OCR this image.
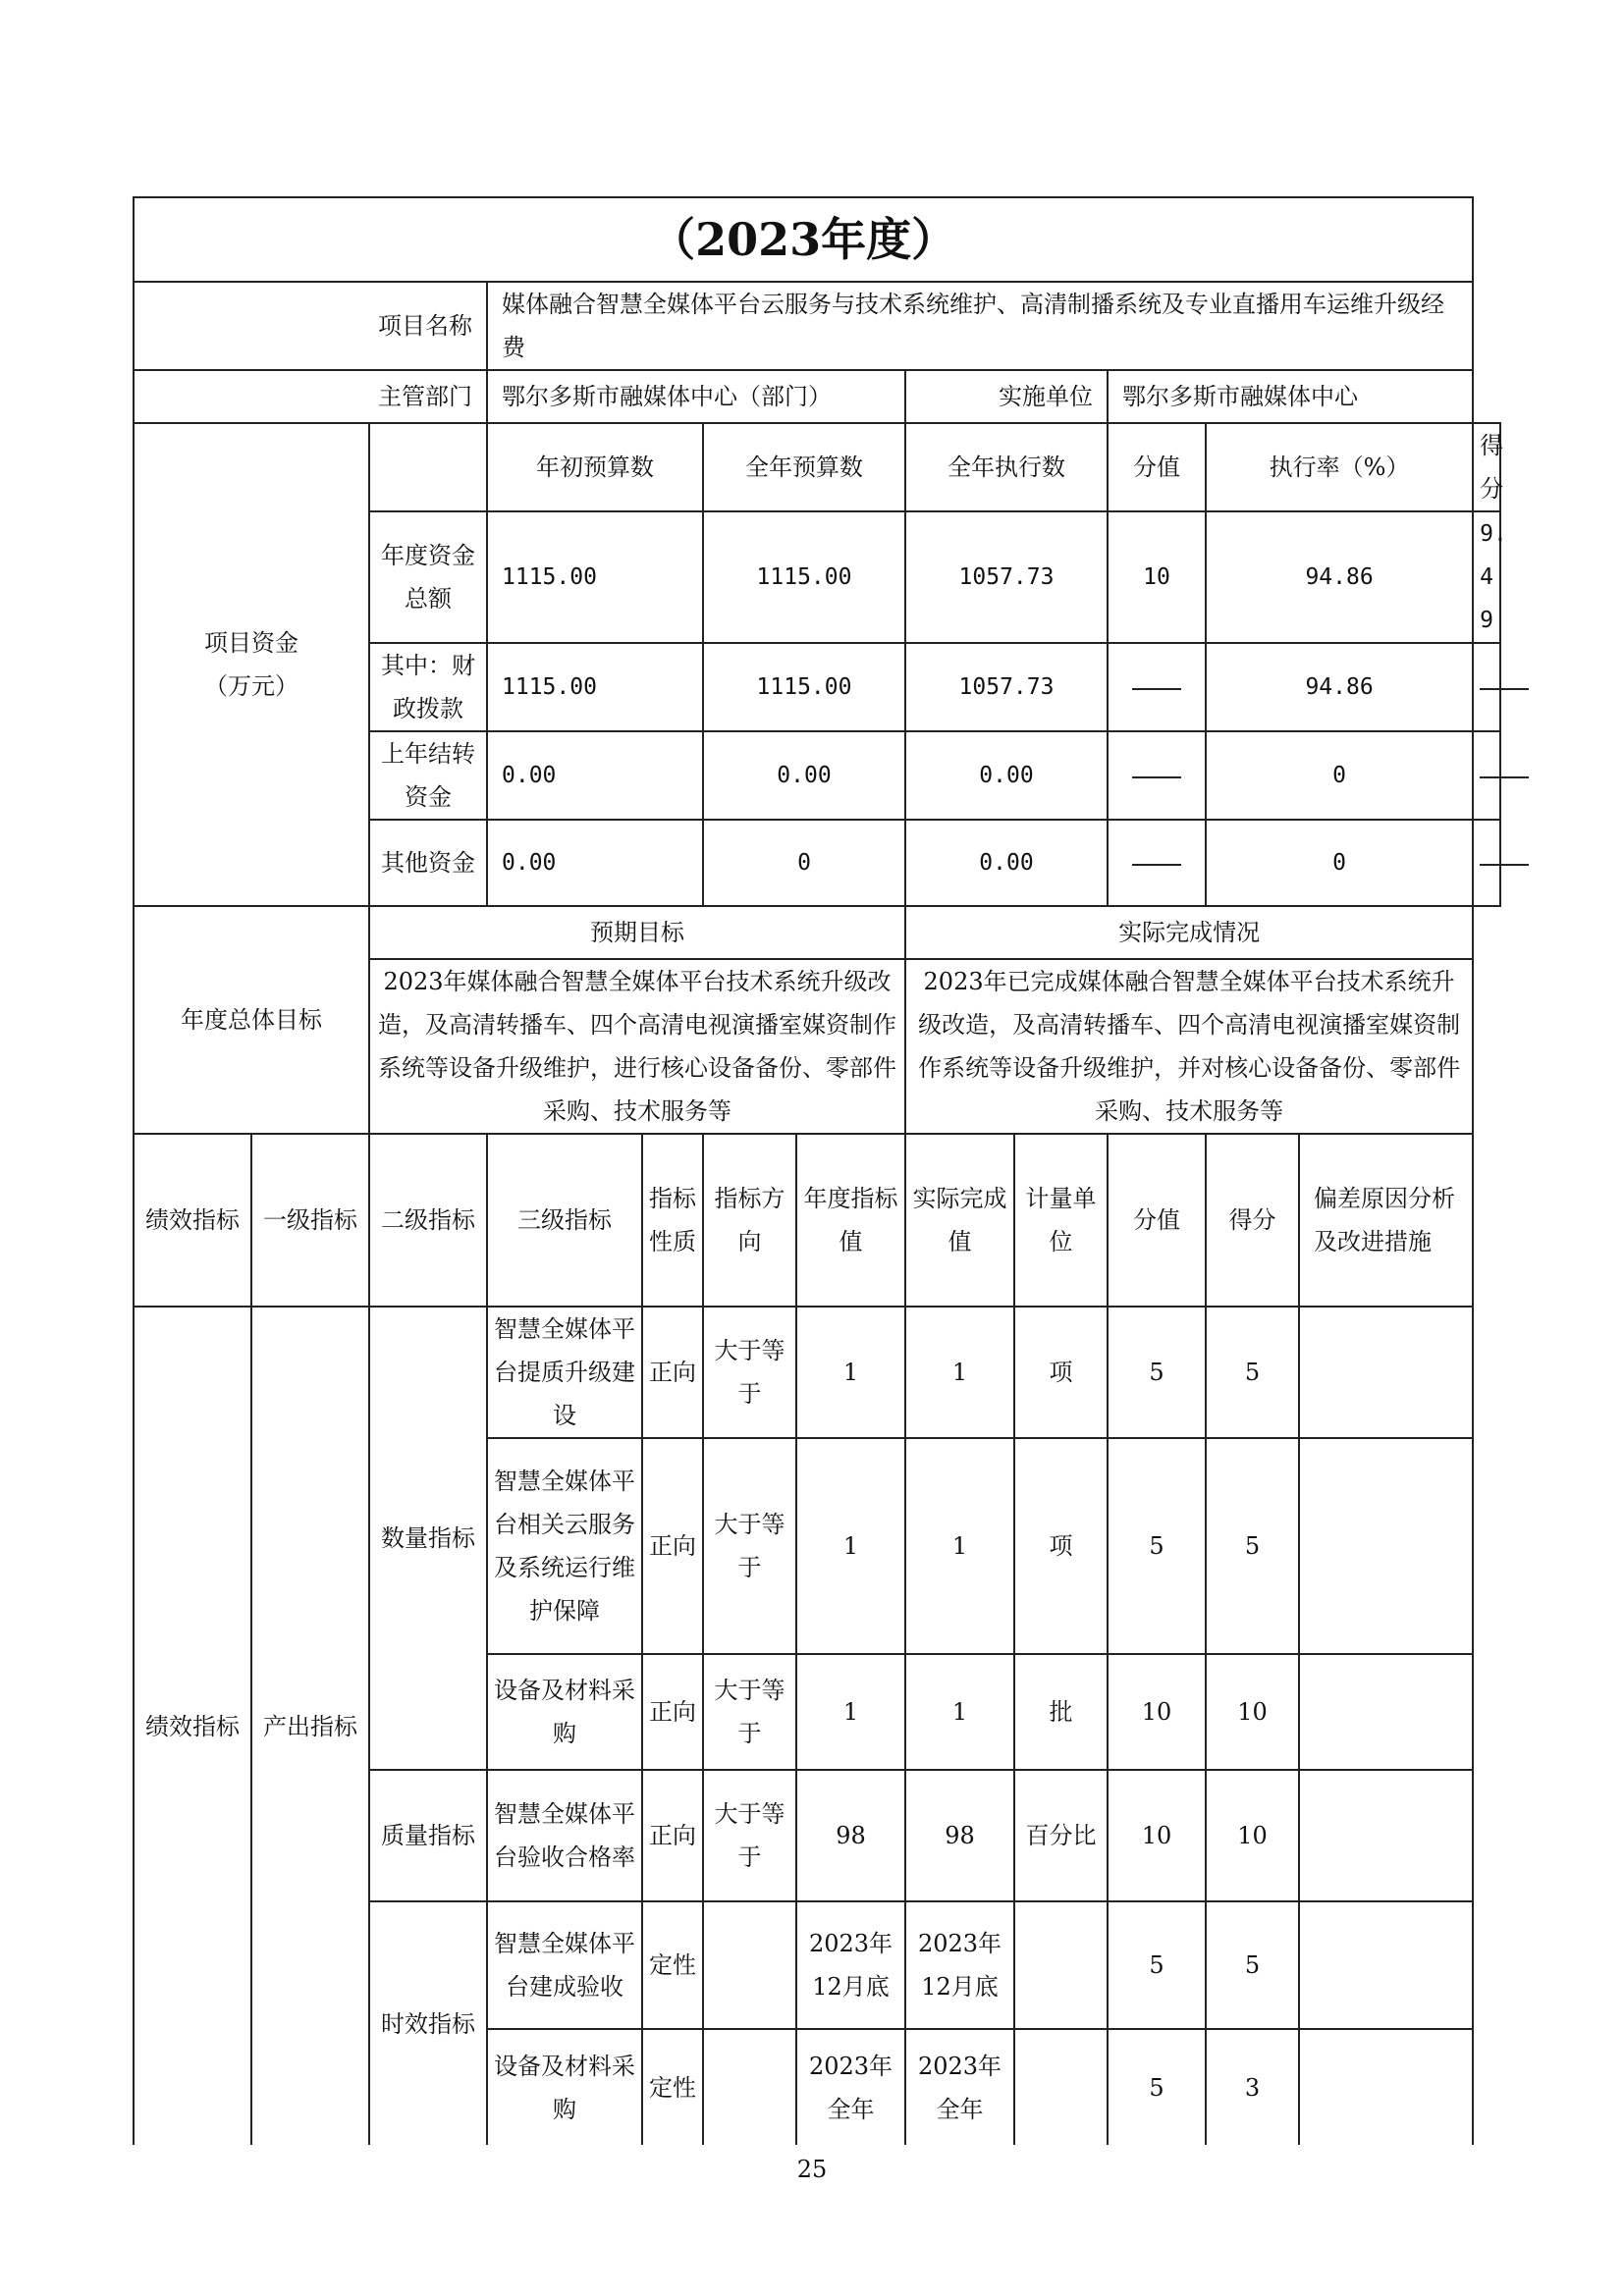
（2023年度）												
项目名称			媒体融合智慧全媒体平台云服务与技术系统维护、高清制播系统及专业直播用车运维升级经费									
主管部门			鄂尔多斯市融媒体中心（部门）				实施单位		鄂尔多斯市融媒体中心			

项目资金
（万元）			年初预算数		全年预算数		全年执行数		分值	执行率（%）		得分
		年度资金总额	1115.00		1115.00		1057.73		10	94.86		9.49
		其中：财政拨款	1115.00		1115.00		1057.73			94.86		
		上年结转资金	0.00		0.00		0.00			0		
		其他资金	0.00		0		0.00			0		
年度总体目标		预期目标					实际完成情况					
		2023年媒体融合智慧全媒体平台技术系统升级改造，及高清转播车、四个高清电视演播室媒资制作系统等设备升级维护，进行核心设备备份、零部件采购、技术服务等					2023年已完成媒体融合智慧全媒体平台技术系统升级改造，及高清转播车、四个高清电视演播室媒资制作系统等设备升级维护，并对核心设备备份、零部件采购、技术服务等					
绩效指标	一级指标	二级指标	三级指标	指标性质	指标方向	年度指标值	实际完成值	计量单位	分值	得分	偏差原因分析及改进措施	
绩效指标	产出指标	数量指标	智慧全媒体平台提质升级建设	正向	大于等于	1	1	项	5	5		
			智慧全媒体平台相关云服务及系统运行维护保障	正向	大于等于	1	1	项	5	5		
			设备及材料采购	正向	大于等于	1	1	批	10	10		
		质量指标	智慧全媒体平台验收合格率	正向	大于等于	98	98	百分比	10	10		
		时效指标	智慧全媒体平台建成验收	定性		2023年12月底	2023年12月底		5	5		
			设备及材料采购	定性		2023年全年	2023年全年		5	3		
25
